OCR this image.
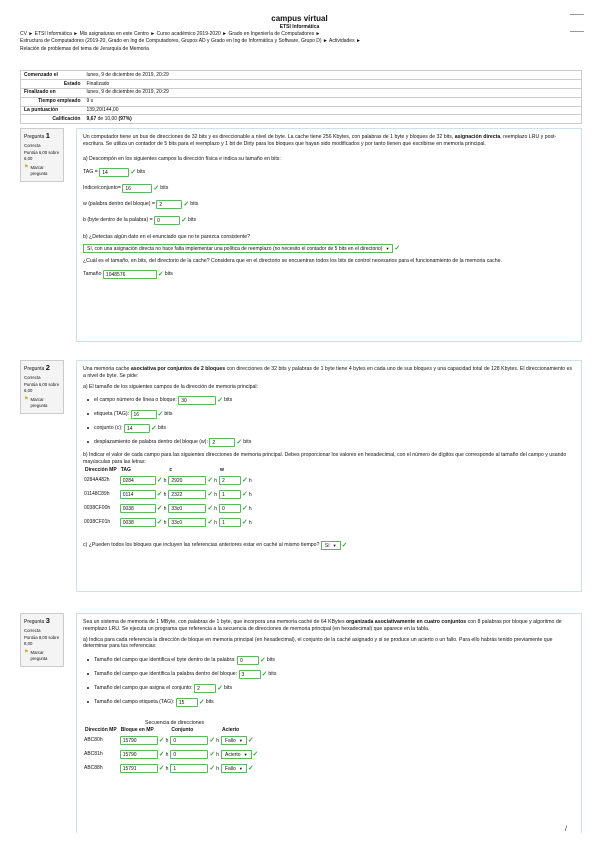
campus virtual
ETSI Informática
CV ► ETSI Informática ► Mis asignaturas en este Centro ► Curso académico 2019-2020 ► Grado en Ingeniería de Computadores ►
Estructura de Computadores (2019-20, Grado en Ing de Computadores, Grupos AD y Grado en Ing de Informática y Software, Grupo D) ► Actividades ►
Relación de problemas del tema de Jerarquía de Memoria
Comenzado el	lunes, 9 de diciembre de 2019, 20:29
Estado	Finalizado
Finalizado en	lunes, 9 de diciembre de 2019, 20:29
Tiempo empleado	9 s
La puntuación	139,20/144,00
Calificación	9,67 de 10,00 (97%)
Pregunta 1
Correcta
Puntúa 6,00 sobre 6,00
⚑ Marcar pregunta

Un computador tiene un bus de direcciones de 32 bits y es direccionable a nivel de byte. La cache tiene 256 Kbytes, con palabras de 1 byte y bloques de 32 bits, asignación directa, reemplazo LRU y post-escritura. Se utiliza un contador de 5 bits para el reemplazo y 1 bit de Dirty para los bloques que hayan sido modificados y por tanto tienen que escribirse en memoria principal.

a) Descompón en los siguientes campos la dirección física e indica su tamaño en bits:

TAG =
14	✓ bits
Indice/conjunto=
16	✓ bits
w (palabra dentro del bloque) =
2	✓ bits
b (byte dentro de la palabra) =
0	✓ bits

b) ¿Detectas algún dato en el enunciado que no te parezca consistente?

Sí, con una asignación directa no hace falta implementar una política de reemplazo (no necesito el contador de 5 bits en el directorio) ▼ ✓

¿Cuál es el tamaño, en bits, del directorio de la cache? Considera que en el directorio se encuentran todos los bits de control necesarios para el funcionamiento de la memoria cache.

Tamaño
1048576	✓ bits
Pregunta 2
Correcta
Puntúa 6,00 sobre 6,00
⚑ Marcar pregunta

Una memoria cache asociativa por conjuntos de 2 bloques con direcciones de 32 bits y palabras de 1 byte tiene 4 bytes en cada uno de sus bloques y una capacidad total de 128 Kbytes. El direccionamiento es a nivel de byte. Se pide:

a) El tamaño de los siguientes campos de la dirección de memoria principal:

el campo número de línea o bloque:
30	✓ bits
etiqueta (TAG):
16	✓ bits
conjunto (c):
14	✓ bits
desplazamiento de palabra dentro del bloque (w):
2	✓ bits

b) Indicar el valor de cada campo para las siguientes direcciones de memoria principal. Debes proporcionar los valores en hexadecimal, con el número de dígitos que corresponde al tamaño del campo y usando mayúsculas para las letras:

Dirección MP	TAG	c	w
0284A482h	0284 ✓h	2920 ✓h	2 ✓h
01148C89h	0114 ✓h	2322 ✓h	1 ✓h
0038CF00h	0038 ✓h	33c0 ✓h	0 ✓h
0038CF01h	0038 ✓h	33c0 ✓h	1 ✓h
c) ¿Pueden todos los bloques que incluyen las referencias anteriores estar en caché al mismo tiempo?
	Sí ▼ ✓
Pregunta 3
Correcta
Puntúa 8,00 sobre 8,00
⚑ Marcar pregunta

Sea un sistema de memoria de 1 MByte, con palabras de 1 byte, que incorpora una memoria caché de 64 KBytes organizada asociativamente en cuatro conjuntos con 8 palabras por bloque y algoritmo de reemplazo LRU. Se ejecuta un programa que referencia a la secuencia de direcciones de memoria principal (en hexadecimal) que aparece en la tabla.

a) Indica para cada referencia la dirección de bloque en memoria principal (en hexadecimal), el conjunto de la caché asignado y si se produce un acierto o un fallo. Para ello habrás tenido previamente que determinar para tus referencias:

Tamaño del campo que identifica el byte dentro de la palabra:
0	✓ bits
Tamaño del campo que identifica la palabra dentro del bloque:
3	✓ bits
Tamaño del campo que asigna el conjunto:
2	✓ bits
Tamaño del campo etiqueta (TAG):
15	✓ bits
Secuencia de direcciones
Dirección MP	Bloque en MP	Conjunto	Acierto
ABC80h	15790 ✓h	0 ✓h	Fallo ▼ ✓
ABC81h	15790 ✓h	0 ✓h	Acierto ▼ ✓
ABC88h	15791 ✓h	1 ✓h	Fallo ▼ ✓
/
